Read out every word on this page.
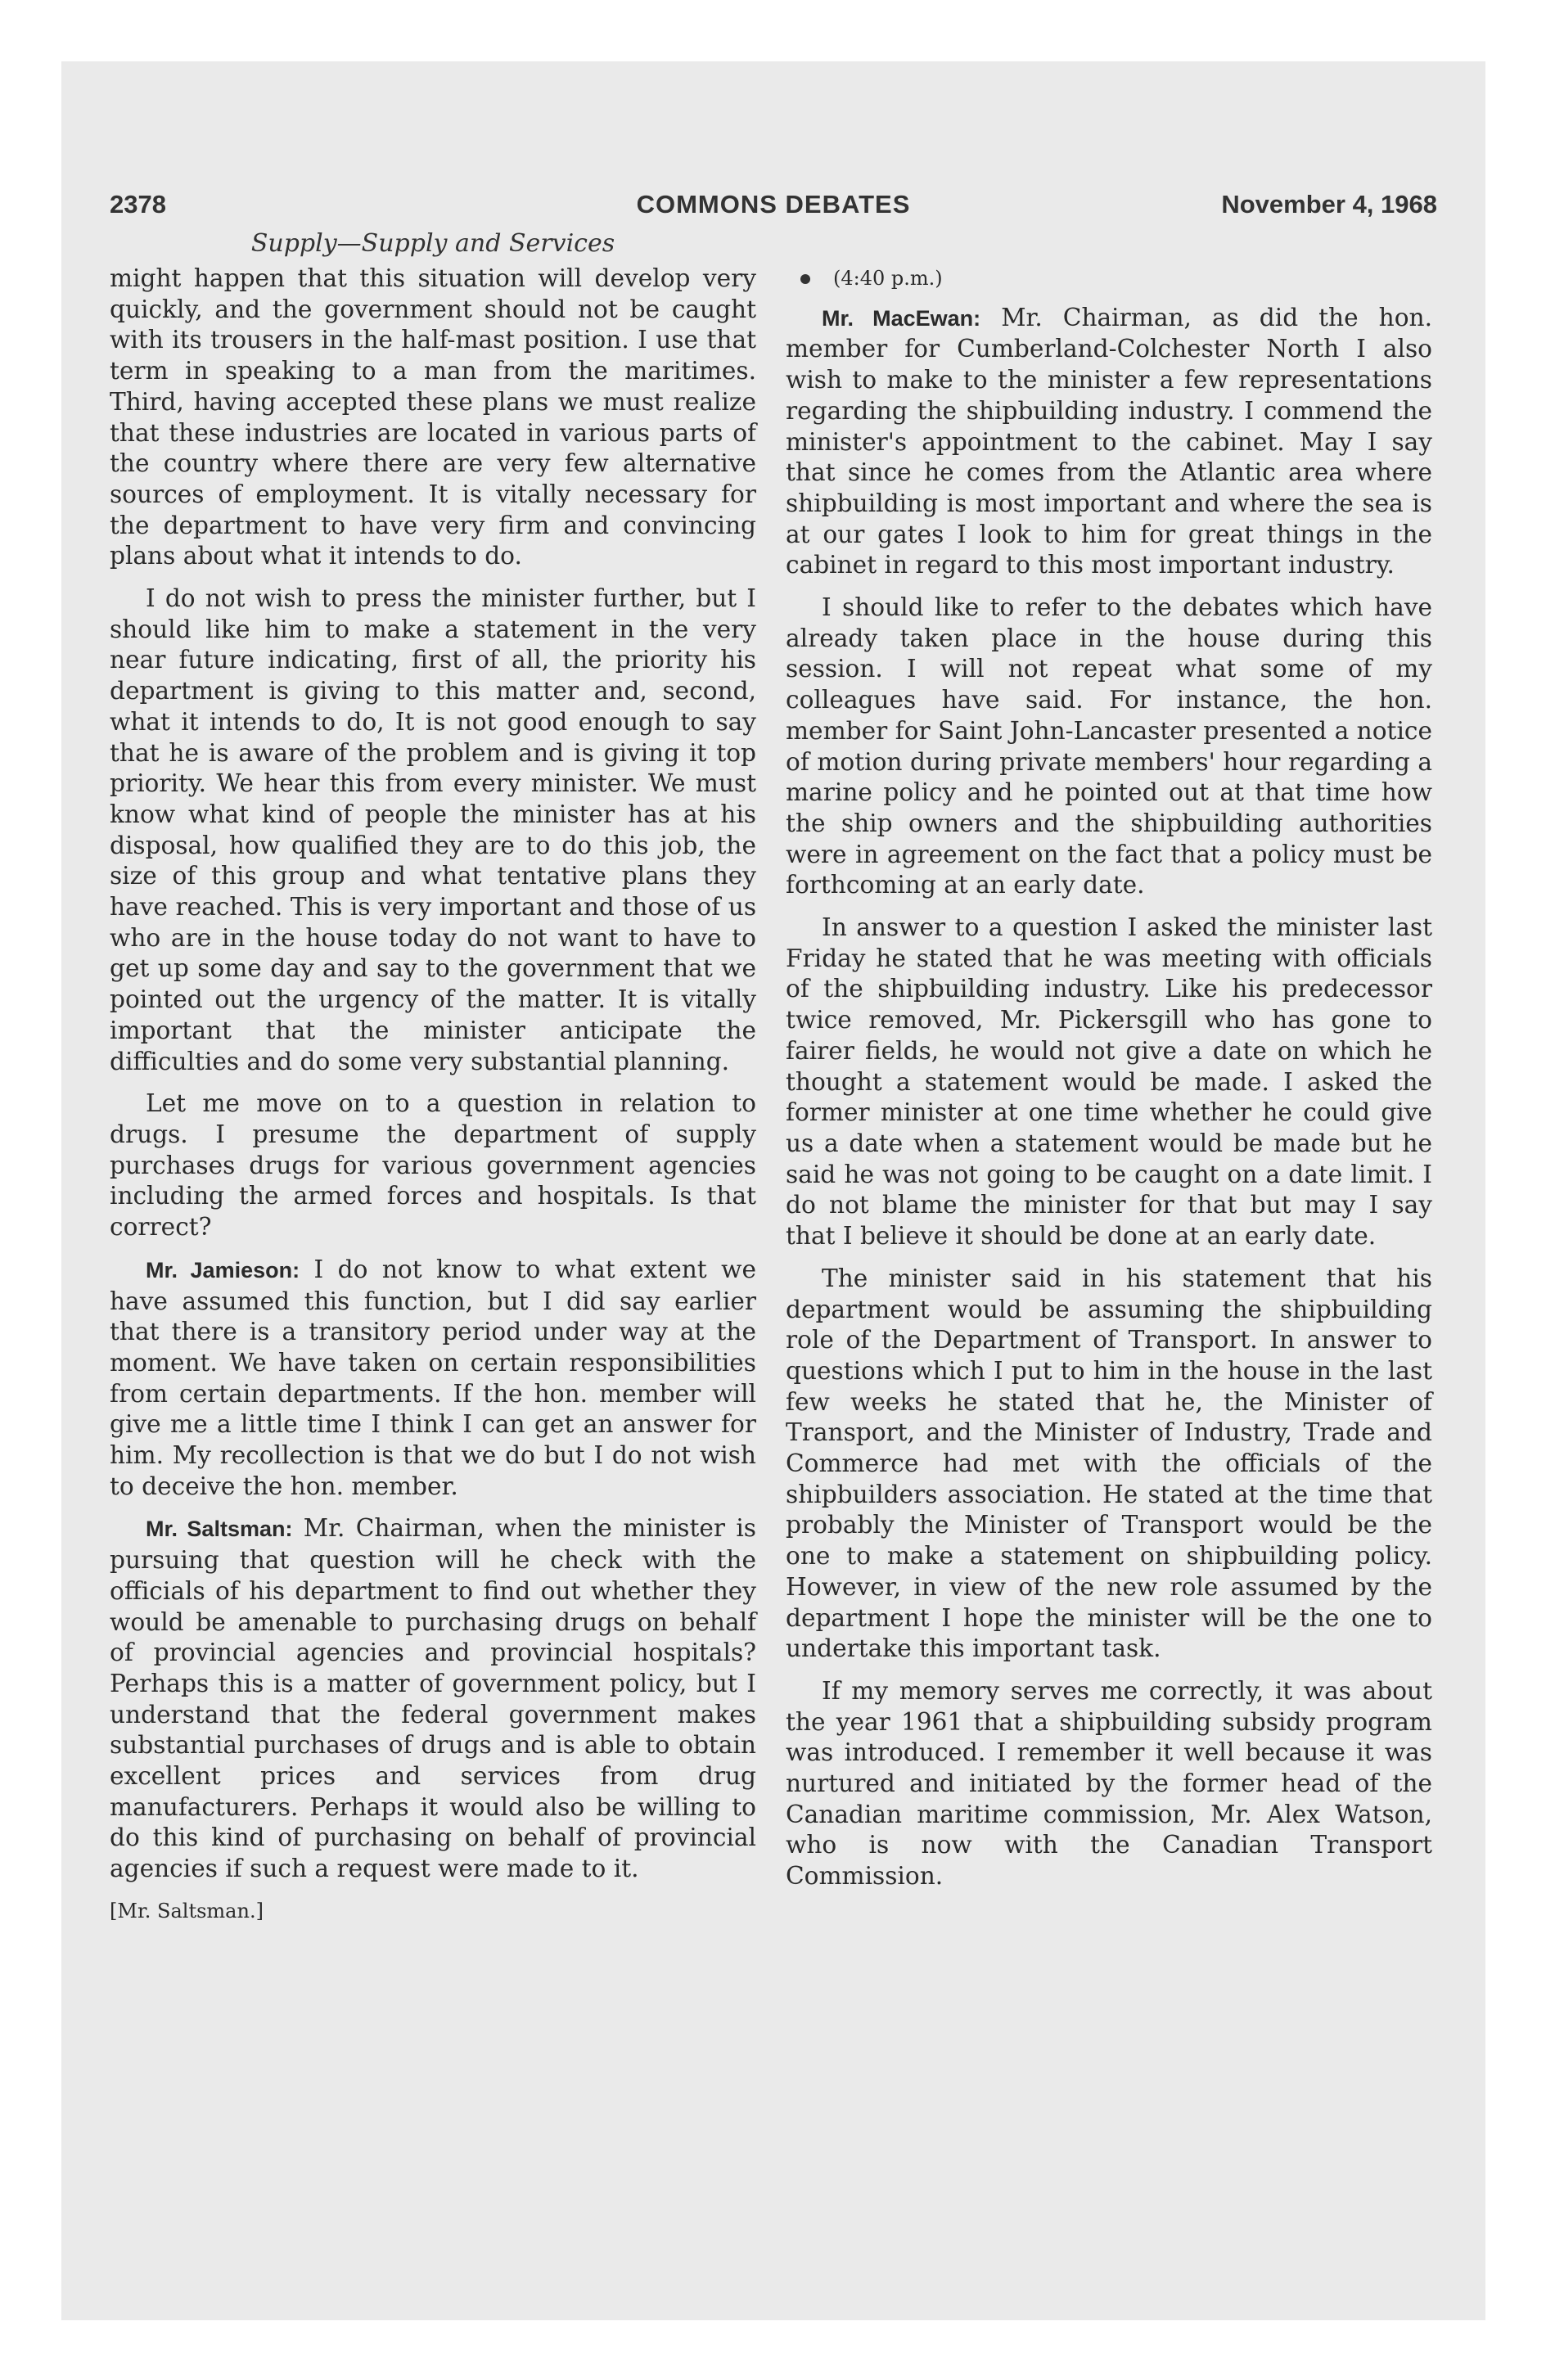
COMMONS DEBATES
2378	November 4, 1968
Supply—Supply and Services

might happen that this situation will develop very quickly, and the government should not be caught with its trousers in the half-mast position. I use that term in speaking to a man from the maritimes. Third, having accepted these plans we must realize that these industries are located in various parts of the country where there are very few alternative sources of employment. It is vitally necessary for the department to have very firm and convincing plans about what it intends to do.

I do not wish to press the minister further, but I should like him to make a statement in the very near future indicating, first of all, the priority his department is giving to this matter and, second, what it intends to do, It is not good enough to say that he is aware of the problem and is giving it top priority. We hear this from every minister. We must know what kind of people the minister has at his disposal, how qualified they are to do this job, the size of this group and what tentative plans they have reached. This is very important and those of us who are in the house today do not want to have to get up some day and say to the government that we pointed out the urgency of the matter. It is vitally important that the minister anticipate the difficulties and do some very substantial planning.

Let me move on to a question in relation to drugs. I presume the department of supply purchases drugs for various government agencies including the armed forces and hospitals. Is that correct?

Mr. Jamieson: I do not know to what extent we have assumed this function, but I did say earlier that there is a transitory period under way at the moment. We have taken on certain responsibilities from certain departments. If the hon. member will give me a little time I think I can get an answer for him. My recollection is that we do but I do not wish to deceive the hon. member.

Mr. Saltsman: Mr. Chairman, when the minister is pursuing that question will he check with the officials of his department to find out whether they would be amenable to purchasing drugs on behalf of provincial agencies and provincial hospitals? Perhaps this is a matter of government policy, but I understand that the federal government makes substantial purchases of drugs and is able to obtain excellent prices and services from drug manufacturers. Perhaps it would also be willing to do this kind of purchasing on behalf of provincial agencies if such a request were made to it.

[Mr. Saltsman.]

(4:40 p.m.)

Mr. MacEwan: Mr. Chairman, as did the hon. member for Cumberland-Colchester North I also wish to make to the minister a few representations regarding the shipbuilding industry. I commend the minister's appointment to the cabinet. May I say that since he comes from the Atlantic area where shipbuilding is most important and where the sea is at our gates I look to him for great things in the cabinet in regard to this most important industry.

I should like to refer to the debates which have already taken place in the house during this session. I will not repeat what some of my colleagues have said. For instance, the hon. member for Saint John-Lancaster presented a notice of motion during private members' hour regarding a marine policy and he pointed out at that time how the ship owners and the shipbuilding authorities were in agreement on the fact that a policy must be forthcoming at an early date.

In answer to a question I asked the minister last Friday he stated that he was meeting with officials of the shipbuilding industry. Like his predecessor twice removed, Mr. Pickersgill who has gone to fairer fields, he would not give a date on which he thought a statement would be made. I asked the former minister at one time whether he could give us a date when a statement would be made but he said he was not going to be caught on a date limit. I do not blame the minister for that but may I say that I believe it should be done at an early date.

The minister said in his statement that his department would be assuming the shipbuilding role of the Department of Transport. In answer to questions which I put to him in the house in the last few weeks he stated that he, the Minister of Transport, and the Minister of Industry, Trade and Commerce had met with the officials of the shipbuilders association. He stated at the time that probably the Minister of Transport would be the one to make a statement on shipbuilding policy. However, in view of the new role assumed by the department I hope the minister will be the one to undertake this important task.

If my memory serves me correctly, it was about the year 1961 that a shipbuilding subsidy program was introduced. I remember it well because it was nurtured and initiated by the former head of the Canadian maritime commission, Mr. Alex Watson, who is now with the Canadian Transport Commission.
